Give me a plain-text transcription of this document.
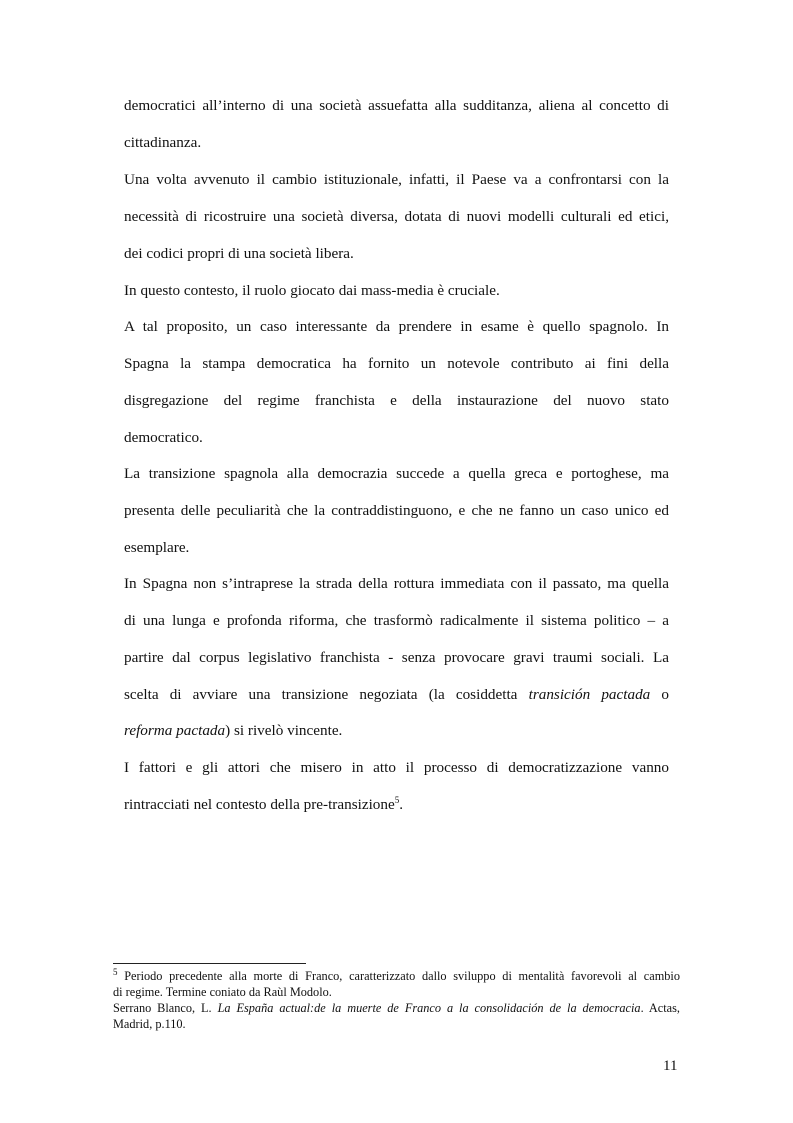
democratici all’interno di una società assuefatta alla sudditanza, aliena al concetto di
cittadinanza.
Una volta avvenuto il cambio istituzionale, infatti, il Paese va a confrontarsi con la
necessità di ricostruire una società diversa, dotata di nuovi modelli culturali ed etici,
dei codici propri di una società libera.
In questo contesto, il ruolo giocato dai mass-media è cruciale.
A tal proposito, un caso interessante da prendere in esame è quello spagnolo. In
Spagna la stampa democratica ha fornito un notevole contributo ai fini della
disgregazione del regime franchista e della instaurazione del nuovo stato
democratico.
La transizione spagnola alla democrazia succede a quella greca e portoghese, ma
presenta delle peculiarità che la contraddistinguono, e che ne fanno un caso unico ed
esemplare.
In Spagna non s’intraprese la strada della rottura immediata con il passato, ma quella
di una lunga e profonda riforma, che trasformò radicalmente il sistema politico – a
partire dal corpus legislativo franchista - senza provocare gravi traumi sociali. La
scelta di avviare una transizione negoziata (la cosiddetta transición pactada o
reforma pactada) si rivelò vincente.
I fattori e gli attori che misero in atto il processo di democratizzazione vanno
rintracciati nel contesto della pre-transizione$^5$.
$^5$ Periodo precedente alla morte di Franco, caratterizzato dallo sviluppo di mentalità favorevoli al cambio
di regime. Termine coniato da Raùl Modolo.
Serrano Blanco, L. La España actual:de la muerte de Franco a la consolidación de la democracia. Actas,
Madrid, p.110.
11
